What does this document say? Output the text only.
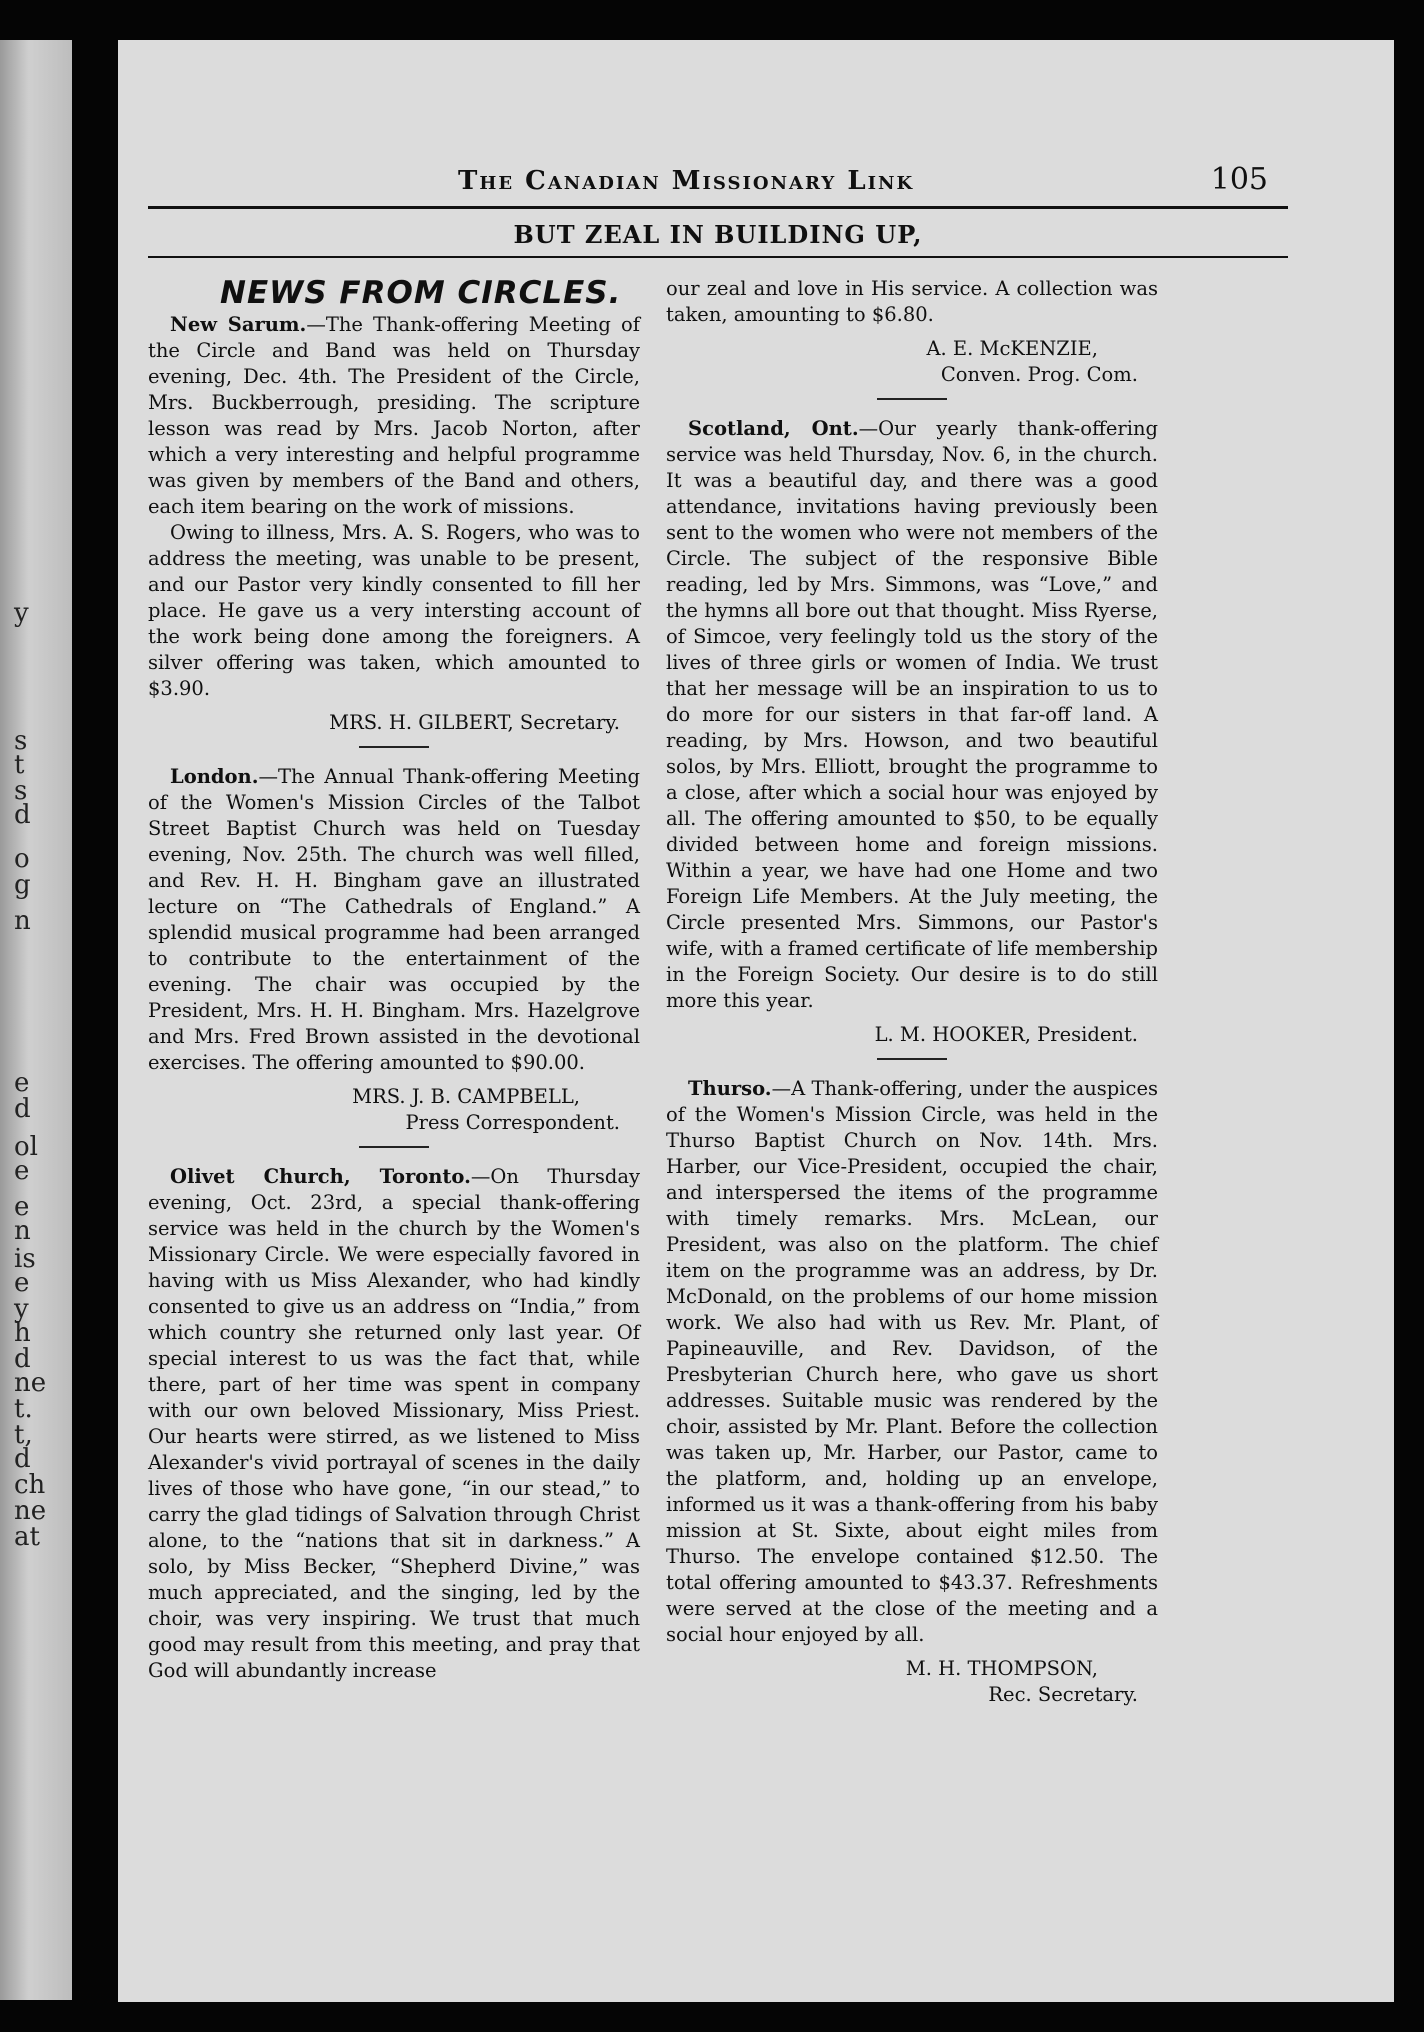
y
s
t
s
d
o
g
n
e
d
ol
e
e
n
is
e
y
h
d
ne
t.
t,
d
ch
ne
at
The Canadian Missionary Link	105
BUT ZEAL IN BUILDING UP,
NEWS FROM CIRCLES.

New Sarum.—The Thank-offering Meeting of the Circle and Band was held on Thursday evening, Dec. 4th. The President of the Circle, Mrs. Buckberrough, presiding. The scripture lesson was read by Mrs. Jacob Norton, after which a very interesting and helpful programme was given by members of the Band and others, each item bearing on the work of missions.

Owing to illness, Mrs. A. S. Rogers, who was to address the meeting, was unable to be present, and our Pastor very kindly consented to fill her place. He gave us a very intersting account of the work being done among the foreigners. A silver offering was taken, which amounted to $3.90.

MRS. H. GILBERT, Secretary.

London.—The Annual Thank-offering Meeting of the Women's Mission Circles of the Talbot Street Baptist Church was held on Tuesday evening, Nov. 25th. The church was well filled, and Rev. H. H. Bingham gave an illustrated lecture on “The Cathedrals of England.” A splendid musical programme had been arranged to contribute to the entertainment of the evening. The chair was occupied by the President, Mrs. H. H. Bingham. Mrs. Hazelgrove and Mrs. Fred Brown assisted in the devotional exercises. The offering amounted to $90.00.

MRS. J. B. CAMPBELL,

Press Correspondent.

Olivet Church, Toronto.—On Thursday evening, Oct. 23rd, a special thank-offering service was held in the church by the Women's Missionary Circle. We were especially favored in having with us Miss Alexander, who had kindly consented to give us an address on “India,” from which country she returned only last year. Of special interest to us was the fact that, while there, part of her time was spent in company with our own beloved Missionary, Miss Priest. Our hearts were stirred, as we listened to Miss Alexander's vivid portrayal of scenes in the daily lives of those who have gone, “in our stead,” to carry the glad tidings of Salvation through Christ alone, to the “nations that sit in darkness.” A solo, by Miss Becker, “Shepherd Divine,” was much appreciated, and the singing, led by the choir, was very inspiring. We trust that much good may result from this meeting, and pray that God will abundantly increase

our zeal and love in His service. A collection was taken, amounting to $6.80.

A. E. McKENZIE,

Conven. Prog. Com.

Scotland, Ont.—Our yearly thank-offering service was held Thursday, Nov. 6, in the church. It was a beautiful day, and there was a good attendance, invitations having previously been sent to the women who were not members of the Circle. The subject of the responsive Bible reading, led by Mrs. Simmons, was “Love,” and the hymns all bore out that thought. Miss Ryerse, of Simcoe, very feelingly told us the story of the lives of three girls or women of India. We trust that her message will be an inspiration to us to do more for our sisters in that far-off land. A reading, by Mrs. Howson, and two beautiful solos, by Mrs. Elliott, brought the programme to a close, after which a social hour was enjoyed by all. The offering amounted to $50, to be equally divided between home and foreign missions. Within a year, we have had one Home and two Foreign Life Members. At the July meeting, the Circle presented Mrs. Simmons, our Pastor's wife, with a framed certificate of life membership in the Foreign Society. Our desire is to do still more this year.

L. M. HOOKER, President.

Thurso.—A Thank-offering, under the auspices of the Women's Mission Circle, was held in the Thurso Baptist Church on Nov. 14th. Mrs. Harber, our Vice-President, occupied the chair, and interspersed the items of the programme with timely remarks. Mrs. McLean, our President, was also on the platform. The chief item on the programme was an address, by Dr. McDonald, on the problems of our home mission work. We also had with us Rev. Mr. Plant, of Papineauville, and Rev. Davidson, of the Presbyterian Church here, who gave us short addresses. Suitable music was rendered by the choir, assisted by Mr. Plant. Before the collection was taken up, Mr. Harber, our Pastor, came to the platform, and, holding up an envelope, informed us it was a thank-offering from his baby mission at St. Sixte, about eight miles from Thurso. The envelope contained $12.50. The total offering amounted to $43.37. Refreshments were served at the close of the meeting and a social hour enjoyed by all.

M. H. THOMPSON,

Rec. Secretary.
